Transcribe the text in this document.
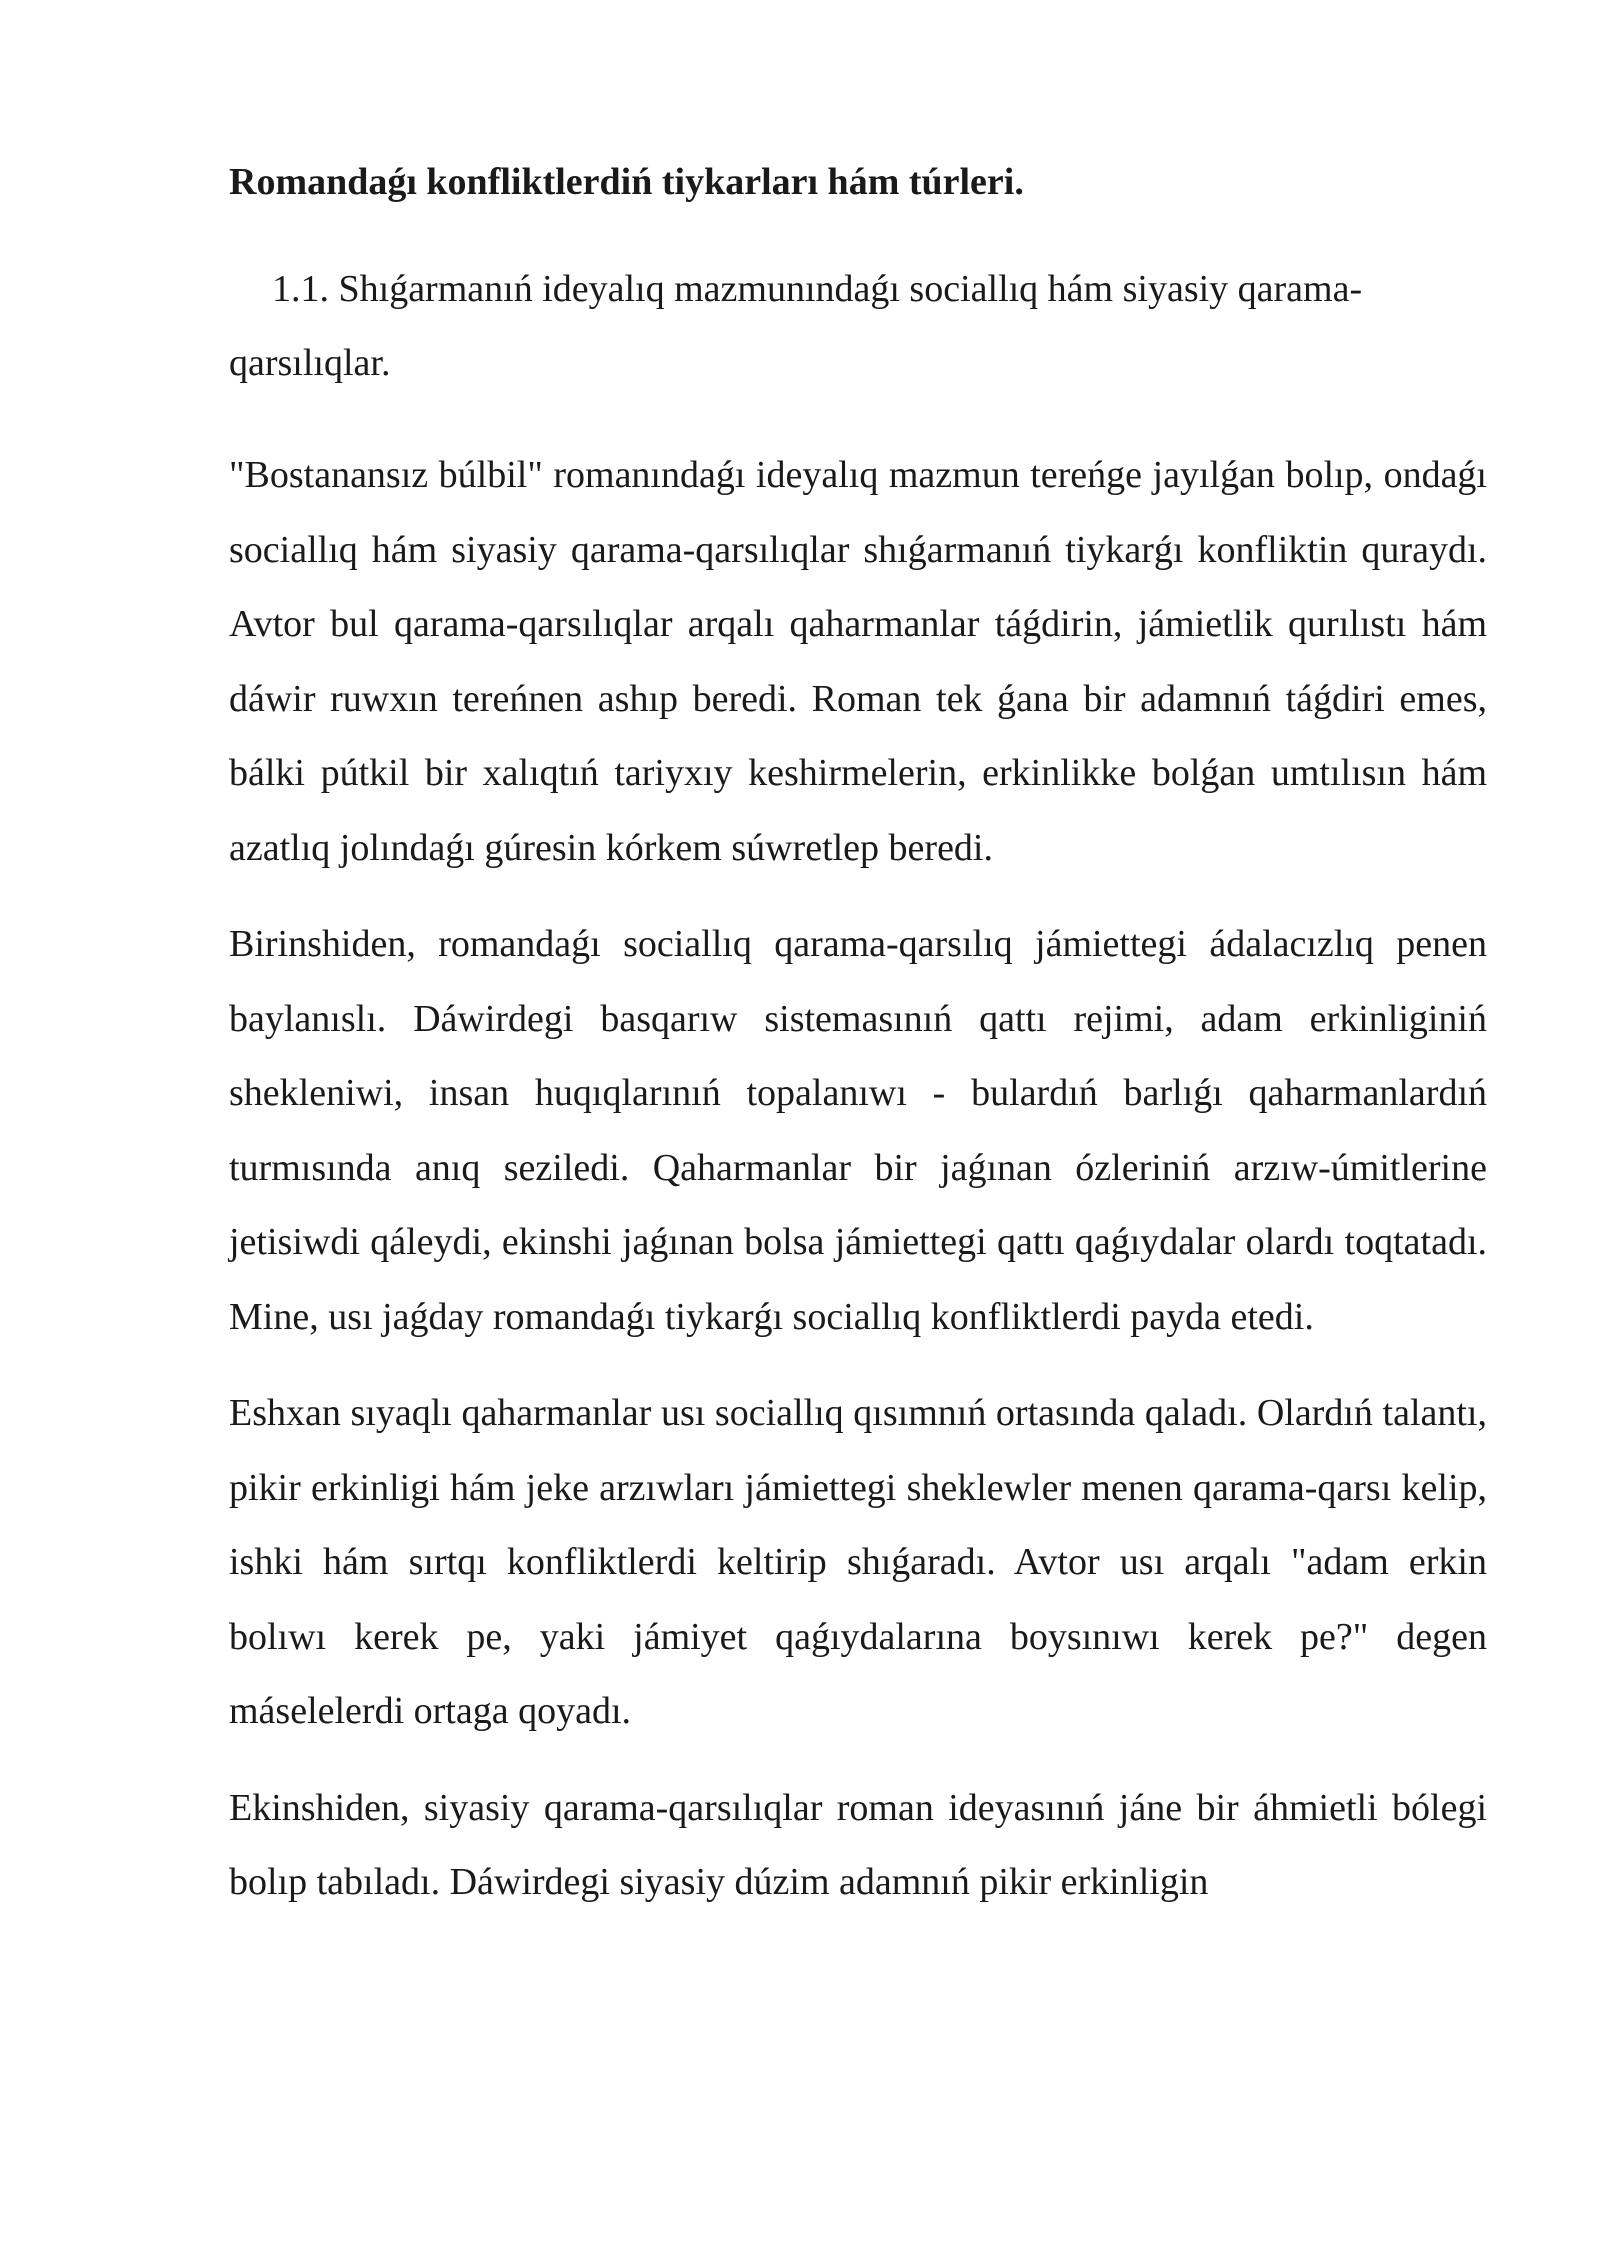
Romandaǵı konfliktlerdiń tiykarları hám túrleri.
1.1. Shıǵarmanıń ideyalıq mazmunındaǵı sociallıq hám siyasiy qarama-qarsılıqlar.

"Bostanansız búlbil" romanındaǵı ideyalıq mazmun tereńge jayılǵan bolıp, ondaǵı sociallıq hám siyasiy qarama-qarsılıqlar shıǵarmanıń tiykarǵı konfliktin quraydı. Avtor bul qarama-qarsılıqlar arqalı qaharmanlar táǵdirin, jámietlik qurılıstı hám dáwir ruwxın tereńnen ashıp beredi. Roman tek ǵana bir adamnıń táǵdiri emes, bálki pútkil bir xalıqtıń tariyxıy keshirmelerin, erkinlikke bolǵan umtılısın hám azatlıq jolındaǵı gúresin kórkem súwretlep beredi.

Birinshiden, romandaǵı sociallıq qarama-qarsılıq jámiettegi ádalacızlıq penen baylanıslı. Dáwirdegi basqarıw sistemasınıń qattı rejimi, adam erkinliginiń shekleniwi, insan huqıqlarınıń topalanıwı - bulardıń barlıǵı qaharmanlardıń turmısında anıq seziledi. Qaharmanlar bir jaǵınan ózleriniń arzıw-úmitlerine jetisiwdi qáleydi, ekinshi jaǵınan bolsa jámiettegi qattı qaǵıydalar olardı toqtatadı. Mine, usı jaǵday romandaǵı tiykarǵı sociallıq konfliktlerdi payda etedi.

Eshxan sıyaqlı qaharmanlar usı sociallıq qısımnıń ortasında qaladı. Olardıń talantı, pikir erkinligi hám jeke arzıwları jámiettegi sheklewler menen qarama-qarsı kelip, ishki hám sırtqı konfliktlerdi keltirip shıǵaradı. Avtor usı arqalı "adam erkin bolıwı kerek pe, yaki jámiyet qaǵıydalarına boysınıwı kerek pe?" degen máselelerdi ortaga qoyadı.

Ekinshiden, siyasiy qarama-qarsılıqlar roman ideyasınıń jáne bir áhmietli bólegi bolıp tabıladı. Dáwirdegi siyasiy dúzim adamnıń pikir erkinligin
